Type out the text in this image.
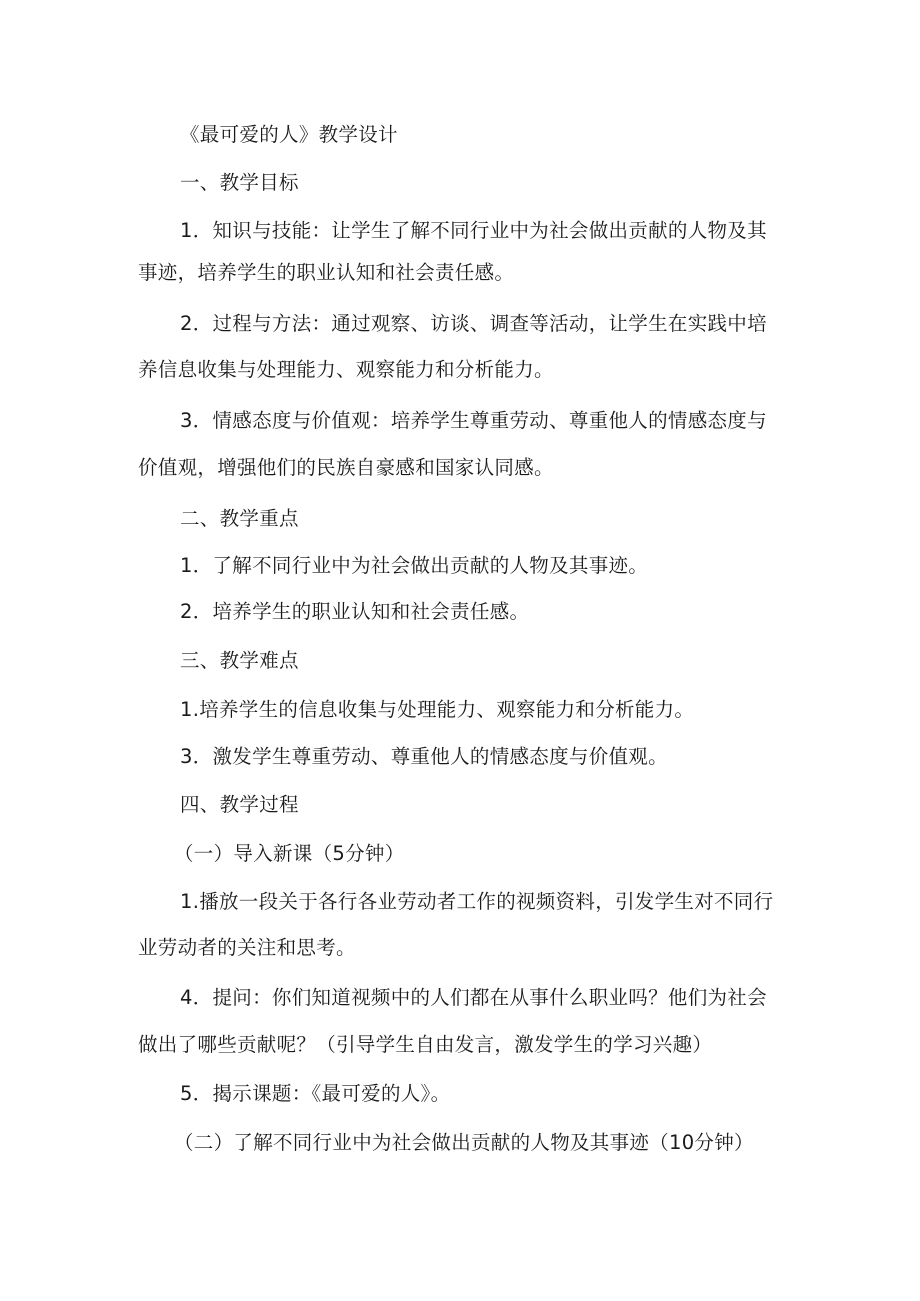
《最可爱的人》教学设计

一、教学目标

1．知识与技能：让学生了解不同行业中为社会做出贡献的人物及其

事迹，培养学生的职业认知和社会责任感。

2．过程与方法：通过观察、访谈、调查等活动，让学生在实践中培

养信息收集与处理能力、观察能力和分析能力。

3．情感态度与价值观：培养学生尊重劳动、尊重他人的情感态度与

价值观，增强他们的民族自豪感和国家认同感。

二、教学重点

1．了解不同行业中为社会做出贡献的人物及其事迹。

2．培养学生的职业认知和社会责任感。

三、教学难点

1.培养学生的信息收集与处理能力、观察能力和分析能力。

3．激发学生尊重劳动、尊重他人的情感态度与价值观。

四、教学过程

（一）导入新课（5分钟）

1.播放一段关于各行各业劳动者工作的视频资料，引发学生对不同行

业劳动者的关注和思考。

4．提问：你们知道视频中的人们都在从事什么职业吗？他们为社会

做出了哪些贡献呢？（引导学生自由发言，激发学生的学习兴趣）

5．揭示课题：《最可爱的人》。

（二）了解不同行业中为社会做出贡献的人物及其事迹（10分钟）
